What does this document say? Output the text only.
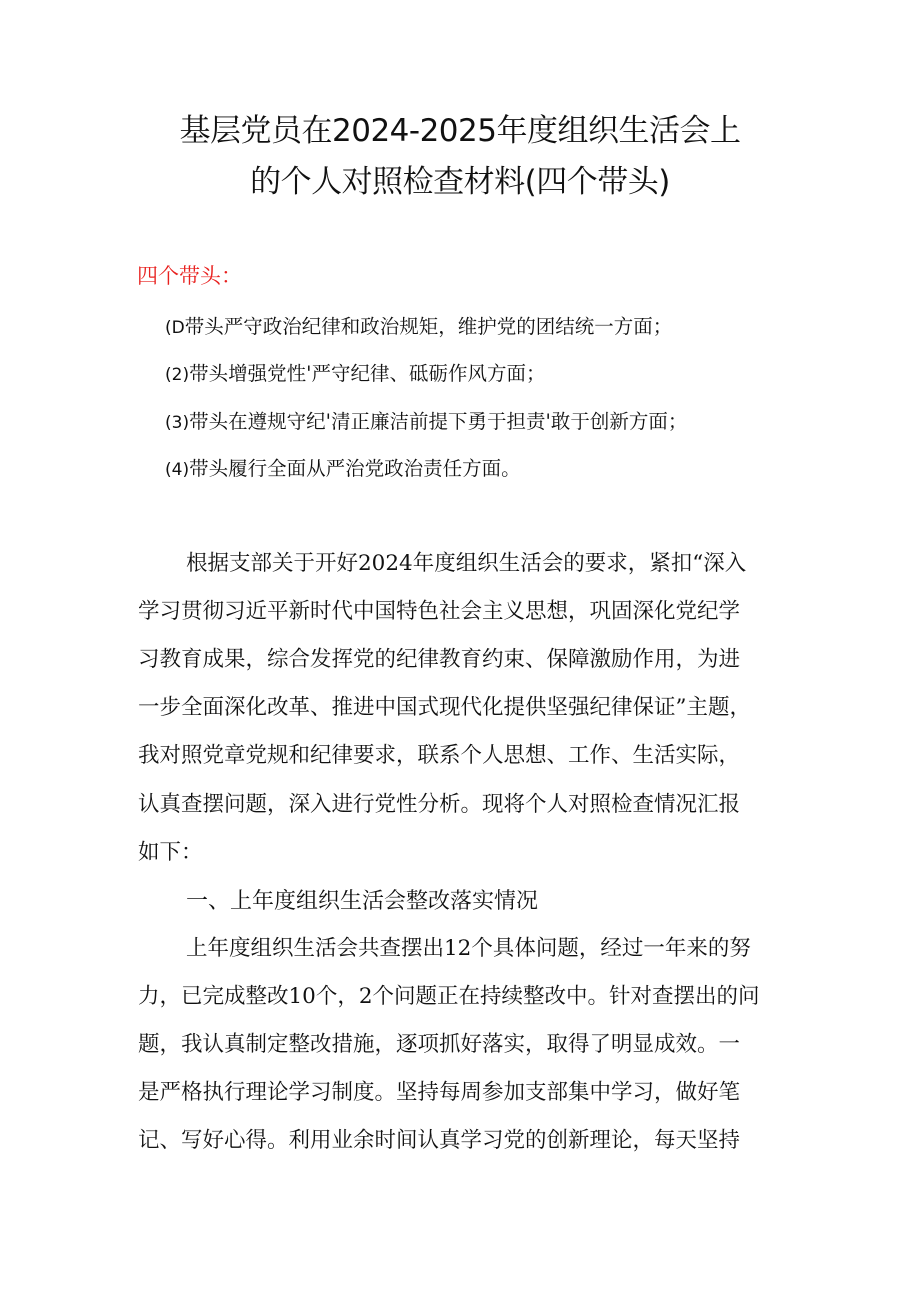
基层党员在2024-2025年度组织生活会上
的个人对照检查材料(四个带头)
四个带头：
(D带头严守政治纪律和政治规矩，维护党的团结统一方面；
(2)带头增强党性'严守纪律、砥砺作风方面；
(3)带头在遵规守纪'清正廉洁前提下勇于担责'敢于创新方面；
(4)带头履行全面从严治党政治责任方面。
根据支部关于开好2024年度组织生活会的要求，紧扣“深入
学习贯彻习近平新时代中国特色社会主义思想，巩固深化党纪学
习教育成果，综合发挥党的纪律教育约束、保障激励作用，为进
一步全面深化改革、推进中国式现代化提供坚强纪律保证”主题，
我对照党章党规和纪律要求，联系个人思想、工作、生活实际，
认真查摆问题，深入进行党性分析。现将个人对照检查情况汇报
如下：
一、上年度组织生活会整改落实情况
上年度组织生活会共查摆出12个具体问题，经过一年来的努
力，已完成整改10个，2个问题正在持续整改中。针对查摆出的问
题，我认真制定整改措施，逐项抓好落实，取得了明显成效。一
是严格执行理论学习制度。坚持每周参加支部集中学习，做好笔
记、写好心得。利用业余时间认真学习党的创新理论，每天坚持
